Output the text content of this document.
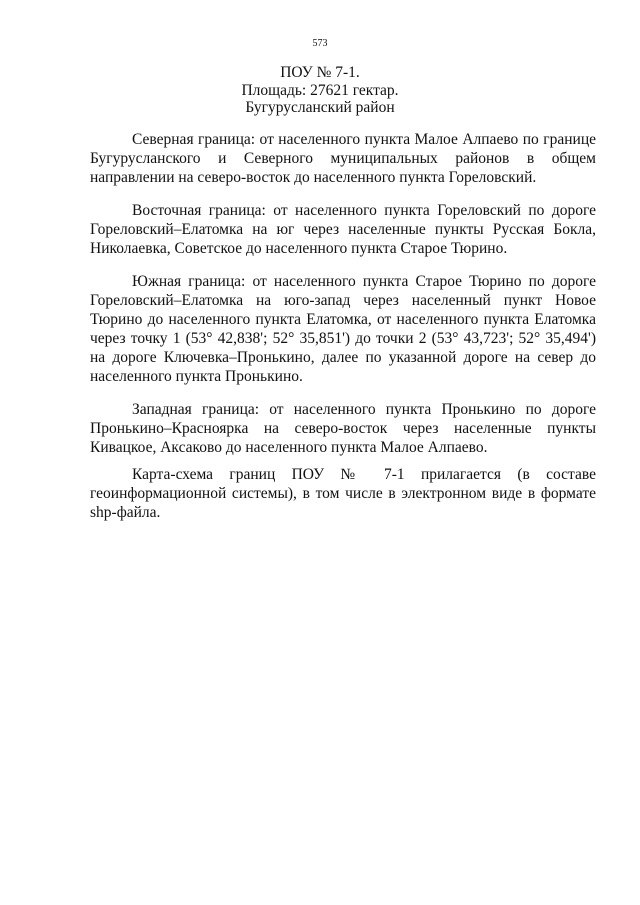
573
ПОУ № 7-1.
Площадь: 27621 гектар.
Бугурусланский район

Северная граница: от населенного пункта Малое Алпаево по границе Бугурусланского и Северного муниципальных районов в общем направлении на северо-восток до населенного пункта Гореловский.

Восточная граница: от населенного пункта Гореловский по дороге Гореловский–Елатомка на юг через населенные пункты Русская Бокла, Николаевка, Советское до населенного пункта Старое Тюрино.

Южная граница: от населенного пункта Старое Тюрино по дороге Гореловский–Елатомка на юго-запад через населенный пункт Новое Тюрино до населенного пункта Елатомка, от населенного пункта Елатомка через точку 1 (53° 42,838'; 52° 35,851') до точки 2 (53° 43,723'; 52° 35,494') на дороге Ключевка–Пронькино, далее по указанной дороге на север до населенного пункта Пронькино.

Западная граница: от населенного пункта Пронькино по дороге Пронькино–Красноярка на северо-восток через населенные пункты Кивацкое, Аксаково до населенного пункта Малое Алпаево.

Карта-схема границ ПОУ № 7-1 прилагается (в составе геоинформационной системы), в том числе в электронном виде в формате shp-файла.
